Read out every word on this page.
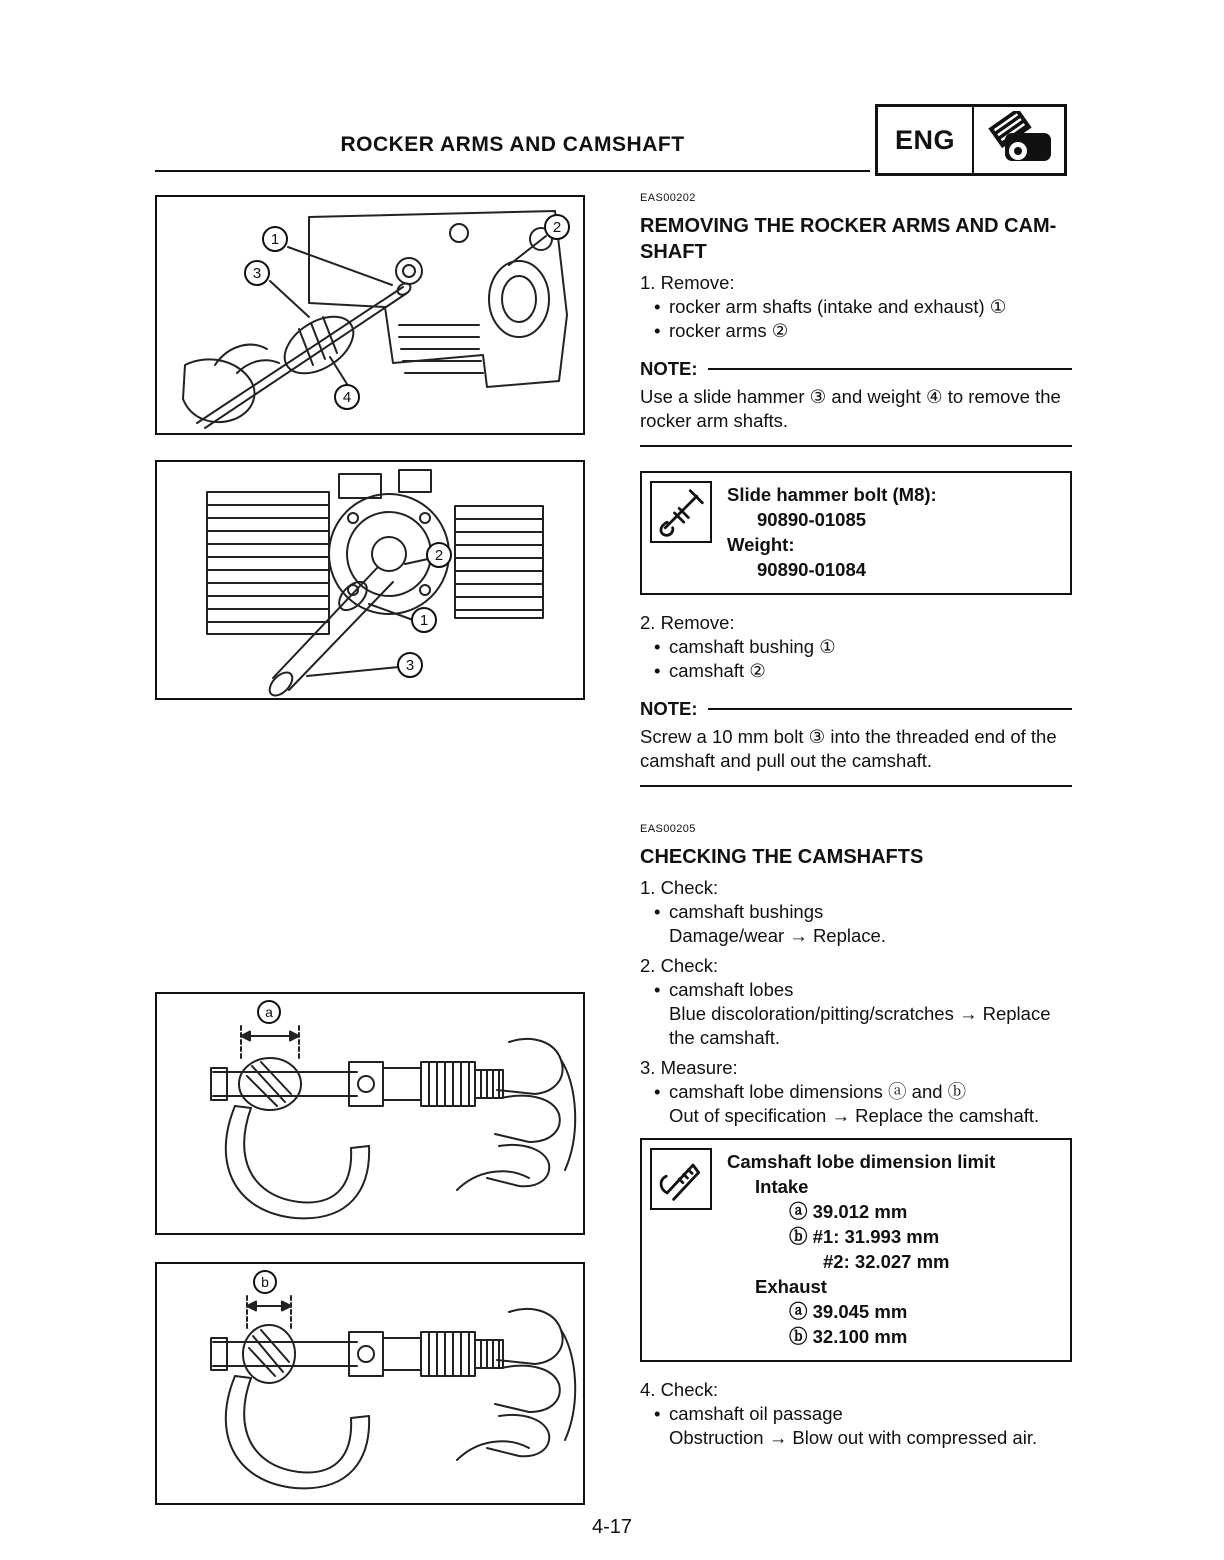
ROCKER ARMS AND CAMSHAFT	ENG
1
2
3
4
2
1
3
a
b
EAS00202
REMOVING THE ROCKER ARMS AND CAM-
SHAFT
1. Remove:
• rocker arm shafts (intake and exhaust) ①
• rocker arms ②
NOTE:
Use a slide hammer ③ and weight ④ to remove the rocker arm shafts.
Slide hammer bolt (M8):
90890-01085
Weight:
90890-01084
2. Remove:
• camshaft bushing ①
• camshaft ②
NOTE:
Screw a 10 mm bolt ③ into the threaded end of the camshaft and pull out the camshaft.
EAS00205
CHECKING THE CAMSHAFTS
1. Check:
• camshaft bushings
Damage/wear → Replace.
2. Check:
• camshaft lobes
Blue discoloration/pitting/scratches → Replace the camshaft.
3. Measure:
• camshaft lobe dimensions ⓐ and ⓑ
Out of specification → Replace the camshaft.
Camshaft lobe dimension limit
Intake
ⓐ 39.012 mm
ⓑ #1: 31.993 mm
#2: 32.027 mm
Exhaust
ⓐ 39.045 mm
ⓑ 32.100 mm
4. Check:
• camshaft oil passage
Obstruction → Blow out with compressed air.
4-17
